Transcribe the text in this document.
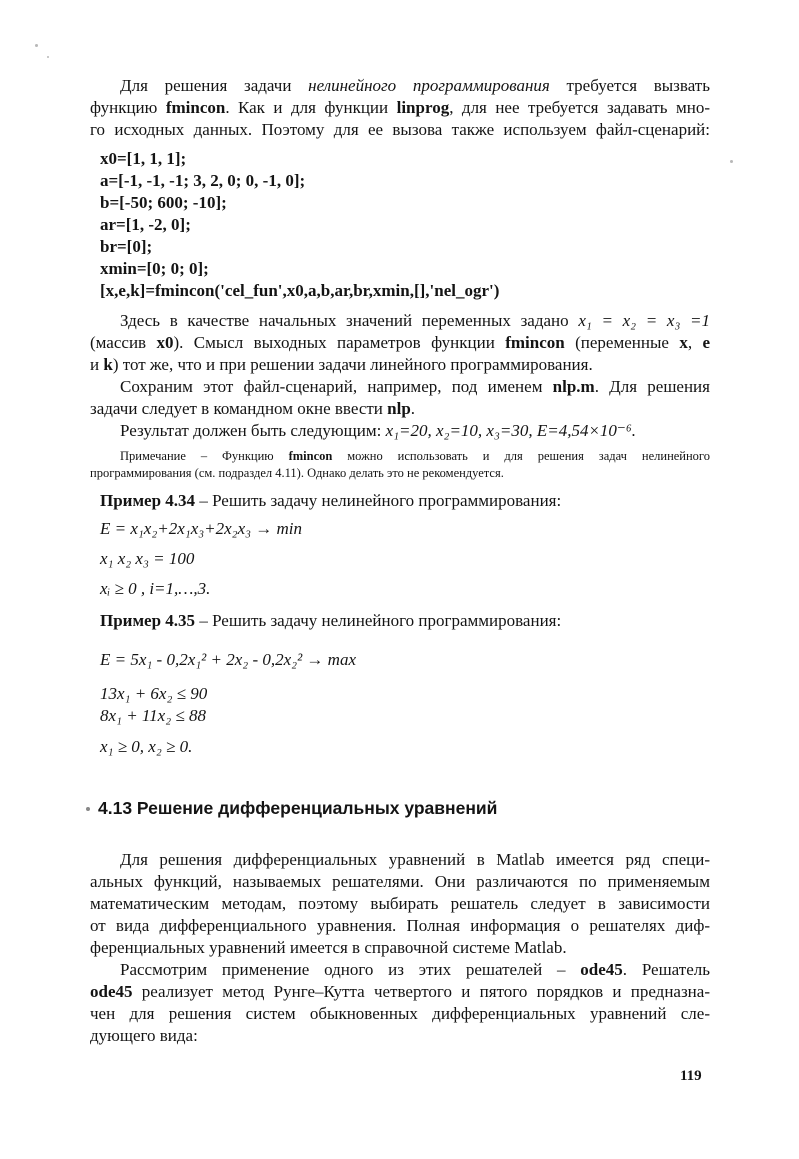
Для решения задачи нелинейного программирования требуется вызвать
функцию fmincon. Как и для функции linprog, для нее требуется задавать мно-
го исходных данных. Поэтому для ее вызова также используем файл-сценарий:
x0=[1, 1, 1];
a=[-1, -1, -1; 3, 2, 0; 0, -1, 0];
b=[-50; 600; -10];
ar=[1, -2, 0];
br=[0];
xmin=[0; 0; 0];
[x,e,k]=fmincon('cel_fun',x0,a,b,ar,br,xmin,[],'nel_ogr')
Здесь в качестве начальных значений переменных задано x₁ = x₂ = x₃ =1
(массив x0). Смысл выходных параметров функции fmincon (переменные x, e
и k) тот же, что и при решении задачи линейного программирования.
Сохраним этот файл-сценарий, например, под именем nlp.m. Для решения
задачи следует в командном окне ввести nlp.
Результат должен быть следующим: x₁=20, x₂=10, x₃=30, E=4,54×10⁻⁶.
Примечание – Функцию fmincon можно использовать и для решения задач нелинейного
программирования (см. подраздел 4.11). Однако делать это не рекомендуется.
Пример 4.34 – Решить задачу нелинейного программирования:
E = x₁x₂+2x₁x₃+2x₂x₃ → min
x₁ x₂ x₃ = 100
xᵢ ≥ 0 , i=1,…,3.
Пример 4.35 – Решить задачу нелинейного программирования:
E = 5x₁ - 0,2x₁² + 2x₂ - 0,2x₂² → max
13x₁ + 6x₂ ≤ 90
8x₁ + 11x₂ ≤ 88
x₁ ≥ 0, x₂ ≥ 0.
4.13 Решение дифференциальных уравнений
Для решения дифференциальных уравнений в Matlab имеется ряд специ-
альных функций, называемых решателями. Они различаются по применяемым
математическим методам, поэтому выбирать решатель следует в зависимости
от вида дифференциального уравнения. Полная информация о решателях диф-
ференциальных уравнений имеется в справочной системе Matlab.
Рассмотрим применение одного из этих решателей – ode45. Решатель
ode45 реализует метод Рунге–Кутта четвертого и пятого порядков и предназна-
чен для решения систем обыкновенных дифференциальных уравнений сле-
дующего вида:
119
